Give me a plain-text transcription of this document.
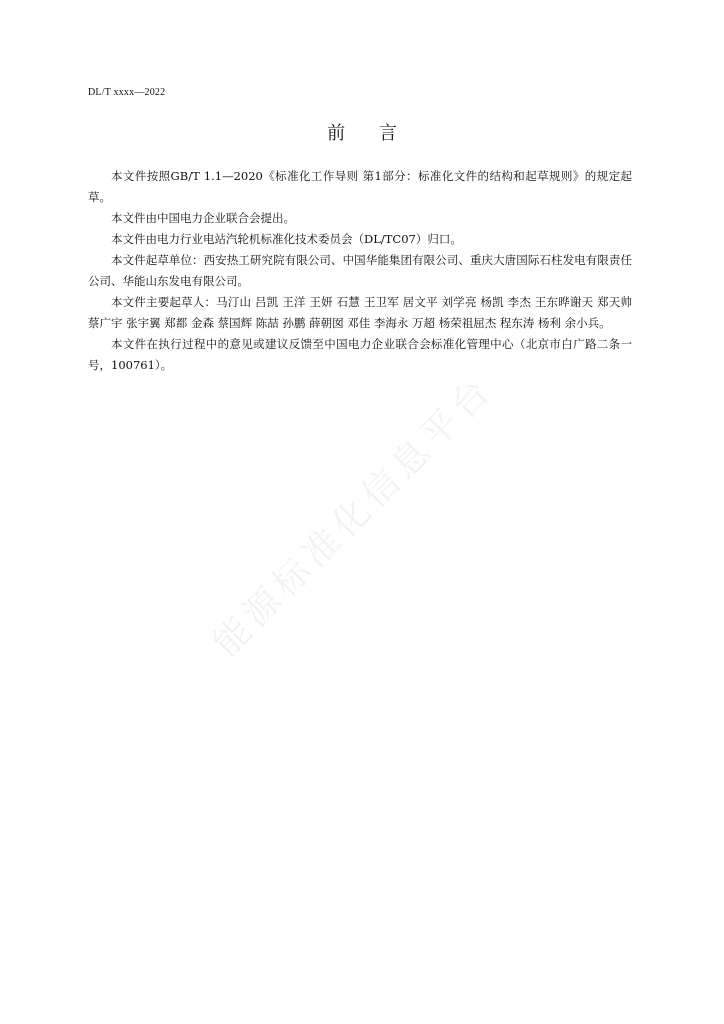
DL/T xxxx—2022
前 言

本文件按照GB/T 1.1—2020《标准化工作导则 第1部分：标准化文件的结构和起草规则》的规定起草。

本文件由中国电力企业联合会提出。

本文件由电力行业电站汽轮机标准化技术委员会（DL/TC07）归口。

本文件起草单位：西安热工研究院有限公司、中国华能集团有限公司、重庆大唐国际石柱发电有限责任公司、华能山东发电有限公司。

本文件主要起草人：马汀山 吕凯 王洋 王妍 石慧 王卫军 居文平 刘学亮 杨凯 李杰 王东晔谢天 郑天帅 蔡广宇 张宇翼 郑都 金森 蔡国辉 陈喆 孙鹏 薛朝囡 邓佳 李海永 万超 杨荣祖屈杰 程东涛 杨利 余小兵。

本文件在执行过程中的意见或建议反馈至中国电力企业联合会标准化管理中心（北京市白广路二条一号，100761）。

能源标准化信息平台
